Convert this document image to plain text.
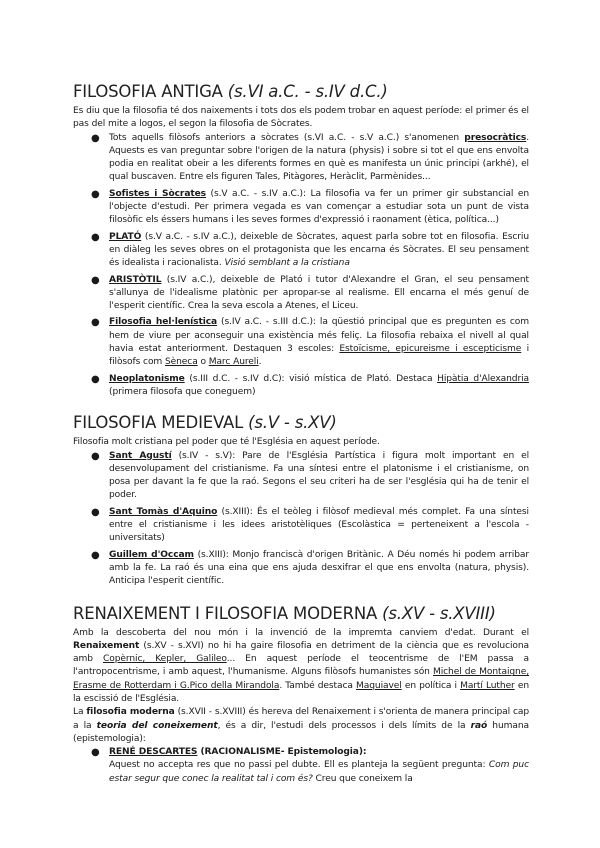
FILOSOFIA ANTIGA (s.VI a.C. - s.IV d.C.)

Es diu que la filosofia té dos naixements i tots dos els podem trobar en aquest període: el primer és el pas del mite a logos, el segon la filosofia de Sòcrates.

● Tots aquells filòsofs anteriors a sòcrates (s.VI a.C. - s.V a.C.) s'anomenen presocràtics. Aquests es van preguntar sobre l'origen de la natura (physis) i sobre si tot el que ens envolta podia en realitat obeir a les diferents formes en què es manifesta un únic principi (arkhé), el qual buscaven. Entre els figuren Tales, Pitàgores, Heràclit, Parmènides...
● Sofistes i Sòcrates (s.V a.C. - s.IV a.C.): La filosofia va fer un primer gir substancial en l'objecte d'estudi. Per primera vegada es van començar a estudiar sota un punt de vista filosòfic els éssers humans i les seves formes d'expressió i raonament (ètica, política...)
● PLATÓ (s.V a.C. - s.IV a.C.), deixeble de Sòcrates, aquest parla sobre tot en filosofia. Escriu en diàleg les seves obres on el protagonista que les encarna és Sòcrates. El seu pensament és idealista i racionalista. Visió semblant a la cristiana
● ARISTÒTIL (s.IV a.C.), deixeble de Plató i tutor d'Alexandre el Gran, el seu pensament s'allunya de l'idealisme platònic per apropar-se al realisme. Ell encarna el més genuí de l'esperit científic. Crea la seva escola a Atenes, el Liceu.
● Filosofia hel·lenística (s.IV a.C. - s.III d.C.): la qüestió principal que es pregunten es com hem de viure per aconseguir una existència més feliç. La filosofia rebaixa el nivell al qual havia estat anteriorment. Destaquen 3 escoles: Estoïcisme, epicureisme i escepticisme i filòsofs com Sèneca o Marc Aureli.
● Neoplatonisme (s.III d.C. - s.IV d.C): visió mística de Plató. Destaca Hipàtia d'Alexandria (primera filosofa que coneguem)
FILOSOFIA MEDIEVAL (s.V - s.XV)

Filosofia molt cristiana pel poder que té l'Església en aquest període.

● Sant Agustí (s.IV - s.V): Pare de l'Església Partística i figura molt important en el desenvolupament del cristianisme. Fa una síntesi entre el platonisme i el cristianisme, on posa per davant la fe que la raó. Segons el seu criteri ha de ser l'església qui ha de tenir el poder.
● Sant Tomàs d'Aquino (s.XIII): És el teòleg i filòsof medieval més complet. Fa una síntesi entre el cristianisme i les idees aristotèliques (Escolàstica = perteneixent a l'escola - universitats)
● Guillem d'Occam (s.XIII): Monjo franciscà d'origen Britànic. A Déu només hi podem arribar amb la fe. La raó és una eina que ens ajuda desxifrar el que ens envolta (natura, physis). Anticipa l'esperit científic.
RENAIXEMENT I FILOSOFIA MODERNA (s.XV - s.XVIII)

Amb la descoberta del nou món i la invenció de la impremta canviem d'edat. Durant el Renaixement (s.XV - s.XVI) no hi ha gaire filosofia en detriment de la ciència que es revoluciona amb Copèrnic, Kepler, Galileo... En aquest període el teocentrisme de l'EM passa a l'antropocentrisme, i amb aquest, l'humanisme. Alguns filòsofs humanistes són Michel de Montaigne, Erasme de Rotterdam i G.Pico della Mirandola. També destaca Maquiavel en política i Martí Luther en la escissió de l'Església.

La filosofia moderna (s.XVII - s.XVIII) és hereva del Renaixement i s'orienta de manera principal cap a la teoria del coneixement, és a dir, l'estudi dels processos i dels límits de la raó humana (epistemologia):

● RENÉ DESCARTES (RACIONALISME- Epistemologia):
Aquest no accepta res que no passi pel dubte. Ell es planteja la següent pregunta: Com puc estar segur que conec la realitat tal i com és? Creu que coneixem la
